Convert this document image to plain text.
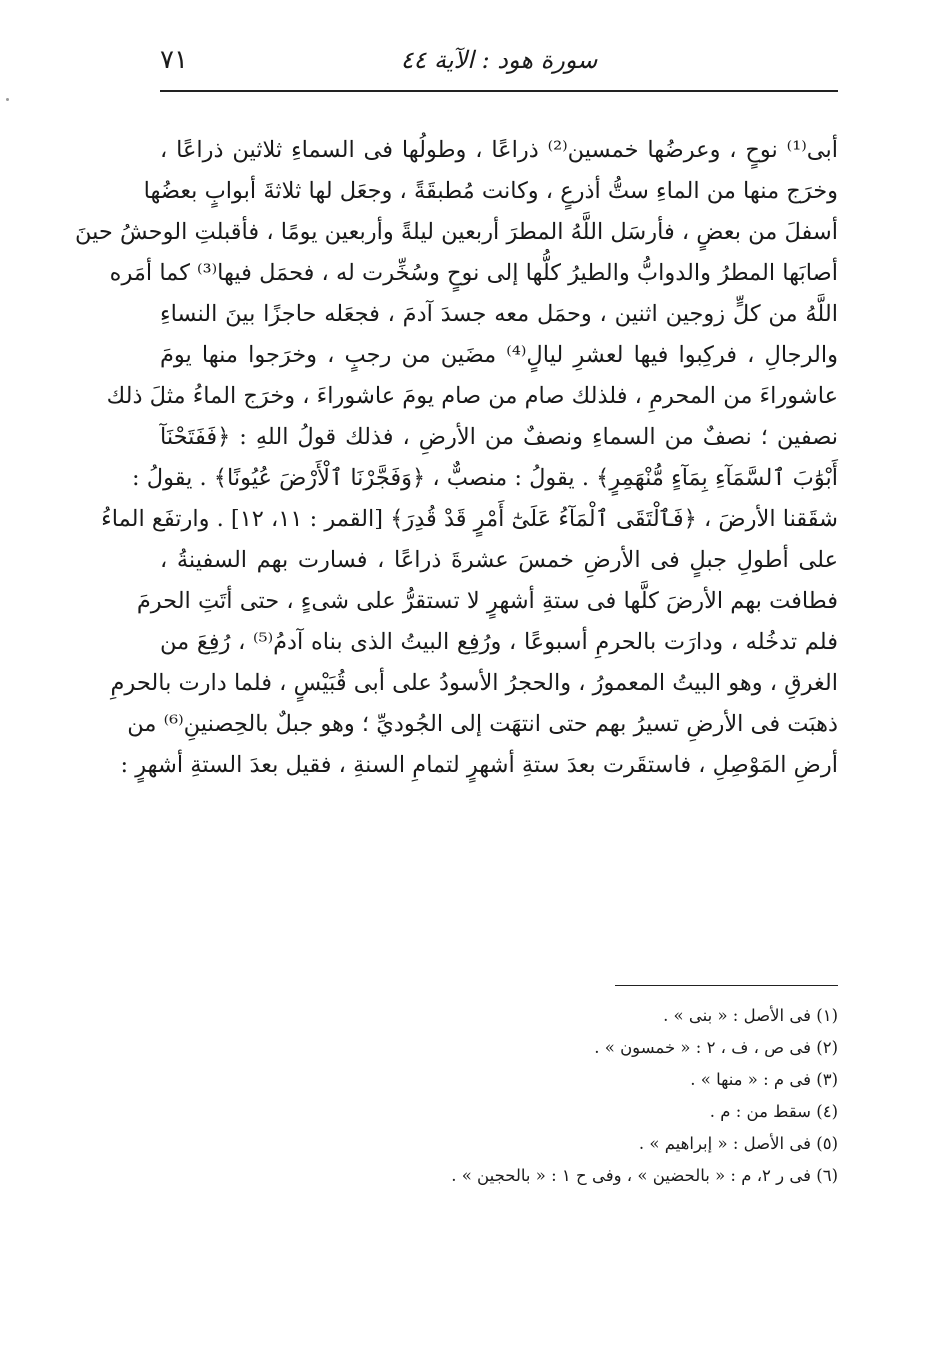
٧١	سورة هود : الآية ٤٤
أبى⁽¹⁾ نوحٍ ، وعرضُها خمسين⁽²⁾ ذراعًا ، وطولُها فى السماءِ ثلاثين ذراعًا ،
وخرَج منها من الماءِ ستُّ أذرعٍ ، وكانت مُطبقَةً ، وجعَل لها ثلاثةَ أبوابٍ بعضُها
أسفلَ من بعضٍ ، فأرسَل اللَّهُ المطرَ أربعين ليلةً وأربعين يومًا ، فأقبلتِ الوحشُ حينَ
أصابَها المطرُ والدوابُّ والطيرُ كلُّها إلى نوحٍ وسُخِّرت له ، فحمَل فيها⁽³⁾ كما أمَره
اللَّهُ من كلٍّ زوجين اثنين ، وحمَل معه جسدَ آدمَ ، فجعَله حاجزًا بينَ النساءِ
والرجالِ ، فركِبوا فيها لعشرِ ليالٍ⁽⁴⁾ مضَين من رجبٍ ، وخرَجوا منها يومَ
عاشوراءَ من المحرمِ ، فلذلك صام من صام يومَ عاشوراءَ ، وخرَج الماءُ مثلَ ذلك
نصفين ؛ نصفٌ من السماءِ ونصفٌ من الأرضِ ، فذلك قولُ اللهِ : ﴿فَفَتَحْنَآ
أَبْوَٰبَ ٱلسَّمَآءِ بِمَآءٍ مُّنْهَمِرٍ﴾ . يقولُ : منصبٌّ ، ﴿وَفَجَّرْنَا ٱلْأَرْضَ عُيُونًا﴾ . يقولُ :
شقَقنا الأرضَ ، ﴿فَٱلْتَقَى ٱلْمَآءُ عَلَىٰٓ أَمْرٍ قَدْ قُدِرَ﴾ [القمر : ١١، ١٢] . وارتفَع الماءُ
على أطولِ جبلٍ فى الأرضِ خمسَ عشرةَ ذراعًا ، فسارت بهم السفينةُ ،
فطافت بهم الأرضَ كلَّها فى ستةِ أشهرٍ لا تستقرُّ على شىءٍ ، حتى أتَتِ الحرمَ
فلم تدخُله ، ودارَت بالحرمِ أسبوعًا ، ورُفِع البيتُ الذى بناه آدمُ⁽⁵⁾ ، رُفِعَ من
الغرقِ ، وهو البيتُ المعمورُ ، والحجرُ الأسودُ على أبى قُبَيْسٍ ، فلما دارت بالحرمِ
ذهبَت فى الأرضِ تسيرُ بهم حتى انتهَت إلى الجُوديِّ ؛ وهو جبلٌ بالحِصنينِ⁽⁶⁾ من
أرضِ المَوْصِلِ ، فاستقَرت بعدَ ستةِ أشهرٍ لتمامِ السنةِ ، فقيل بعدَ الستةِ أشهرٍ :
(١) فى الأصل : « بنى » .
(٢) فى ص ، ف ، ٢ : « خمسون » .
(٣) فى م : « منها » .
(٤) سقط من : م .
(٥) فى الأصل : « إبراهيم » .
(٦) فى ر ٢، م : « بالحضين » ، وفى ح ١ : « بالحجين » .
